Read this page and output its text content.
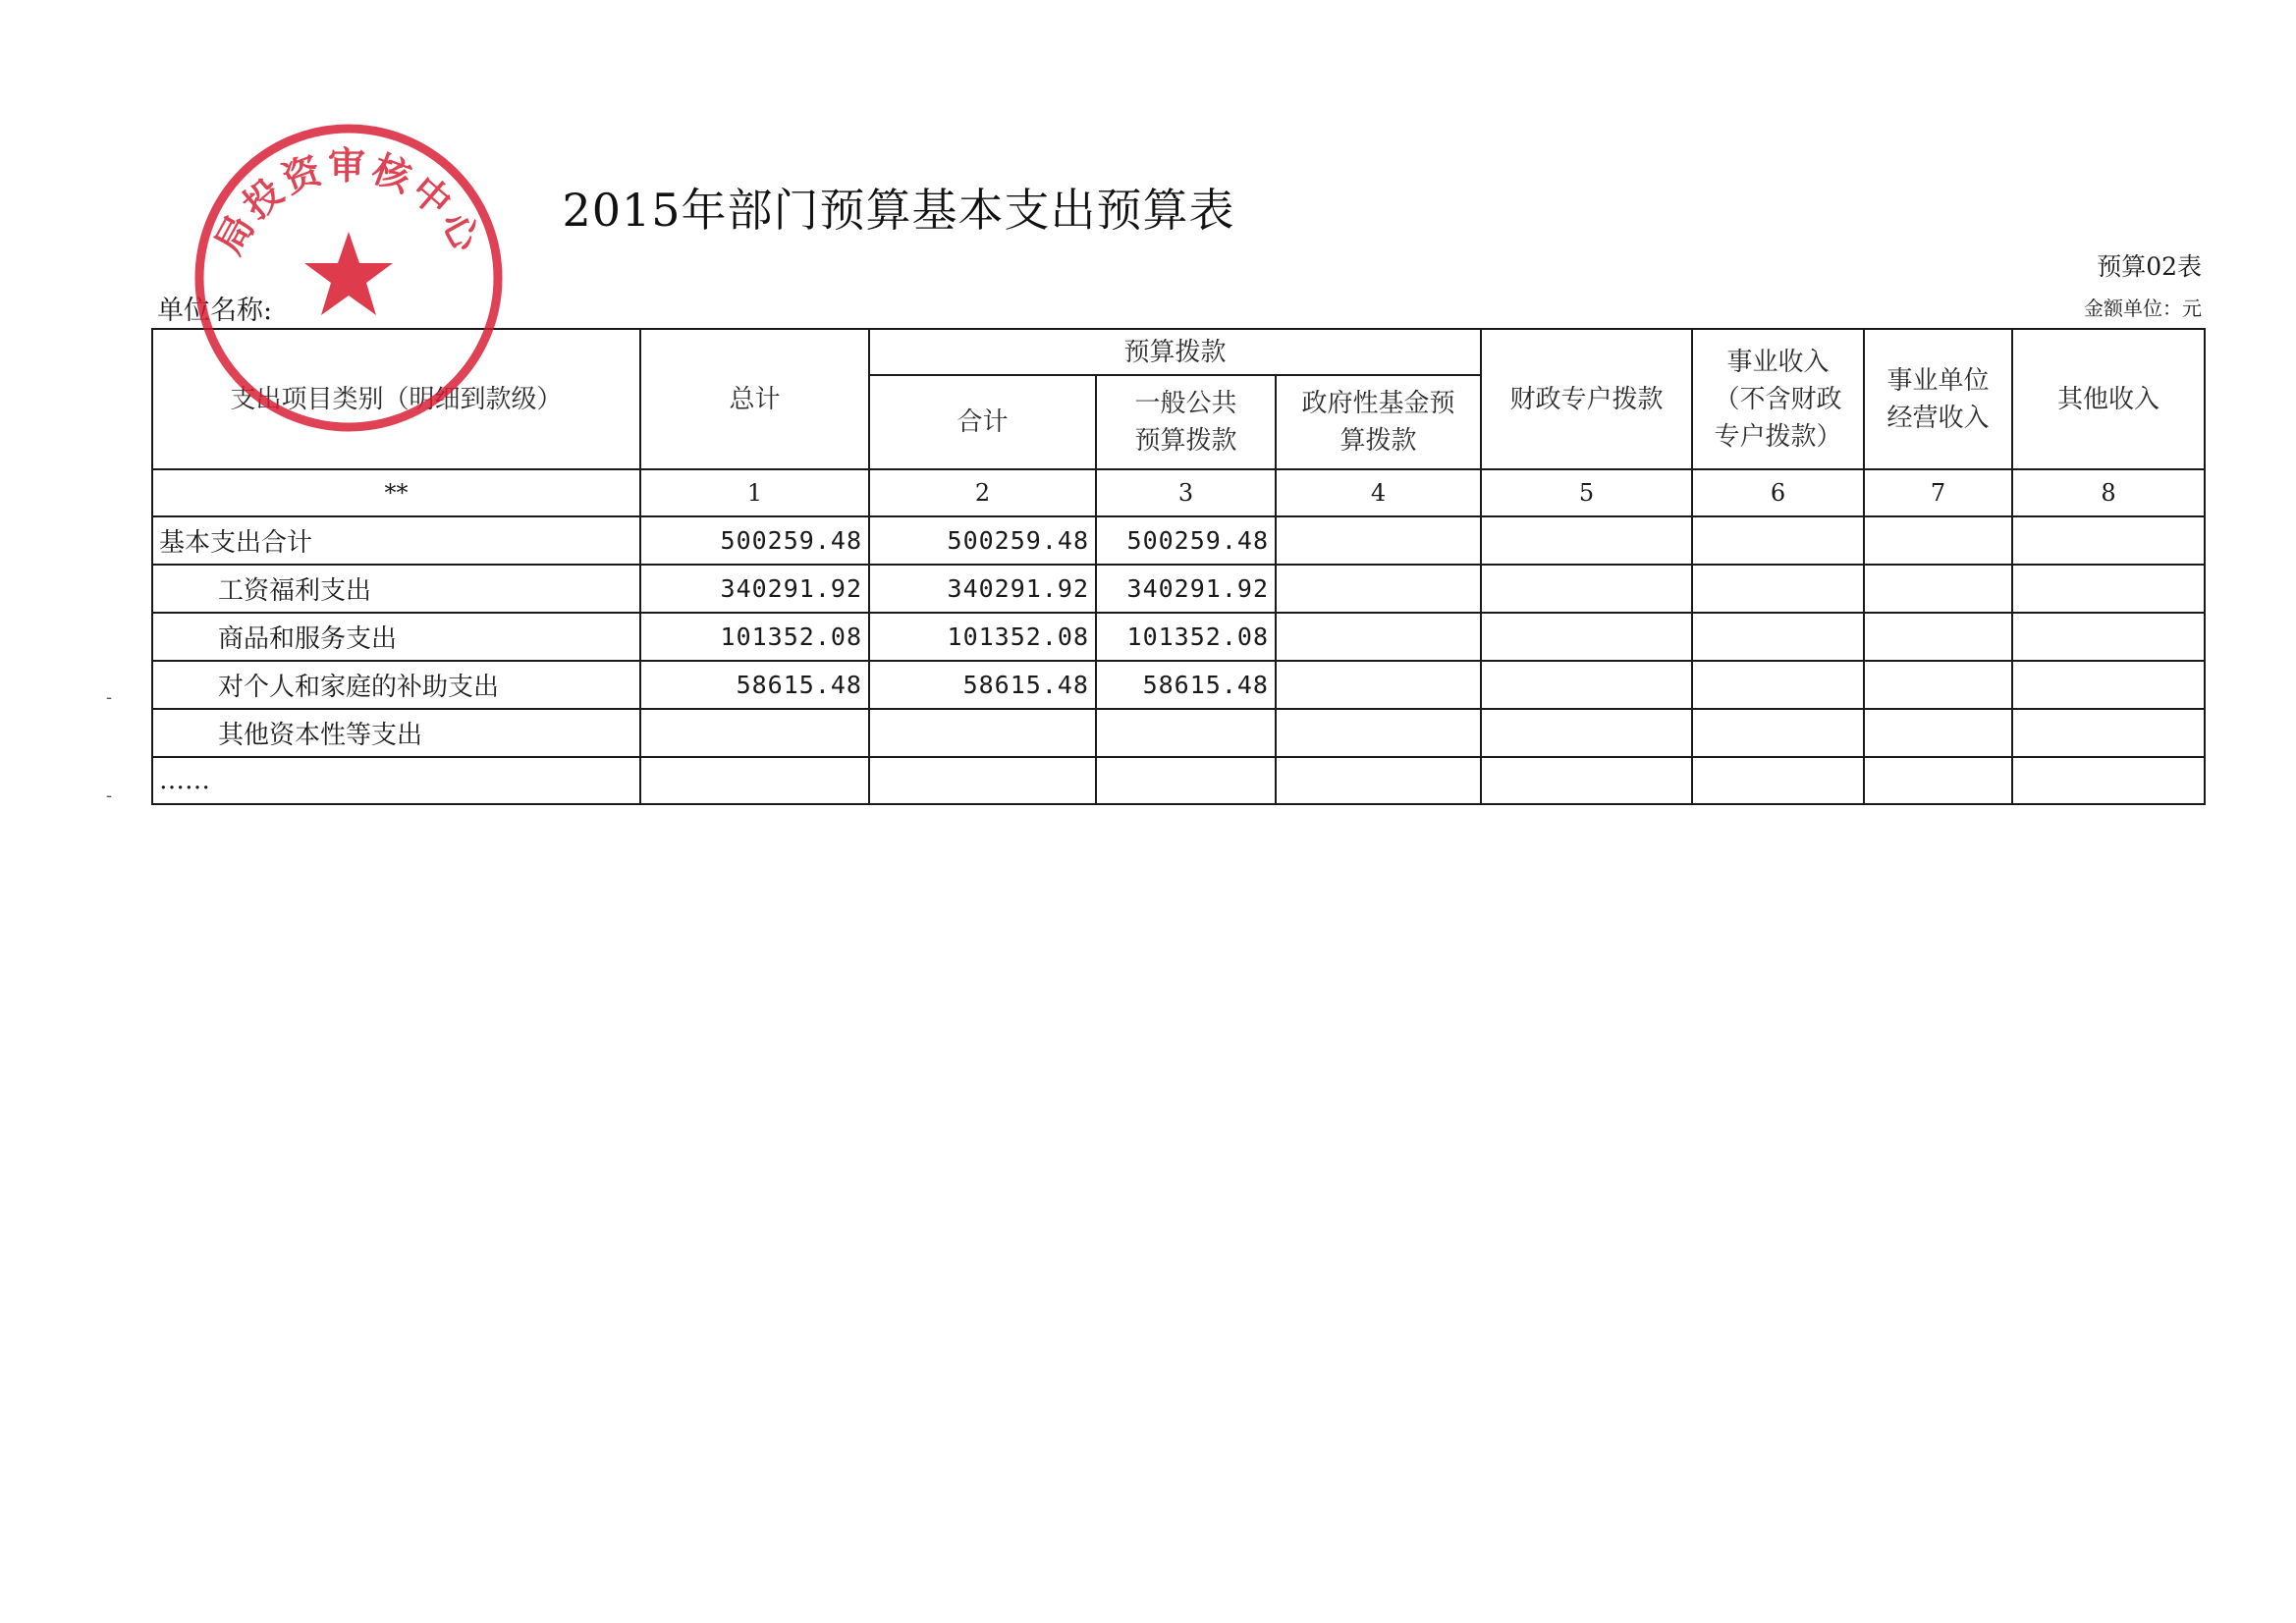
2015年部门预算基本支出预算表
预算02表
单位名称:	金额单位：元
支出项目类别（明细到款级）	总计	预算拨款			财政专户拨款	事业收入（不含财政专户拨款）	事业单位经营收入	其他收入
		合计	一般公共预算拨款	政府性基金预算拨款				
**	1	2	3	4	5	6	7	8
基本支出合计	500259.48	500259.48	500259.48					
工资福利支出	340291.92	340291.92	340291.92					
商品和服务支出	101352.08	101352.08	101352.08					
对个人和家庭的补助支出	58615.48	58615.48	58615.48					
其他资本性等支出								
……								
-
-
局投资审核中心
